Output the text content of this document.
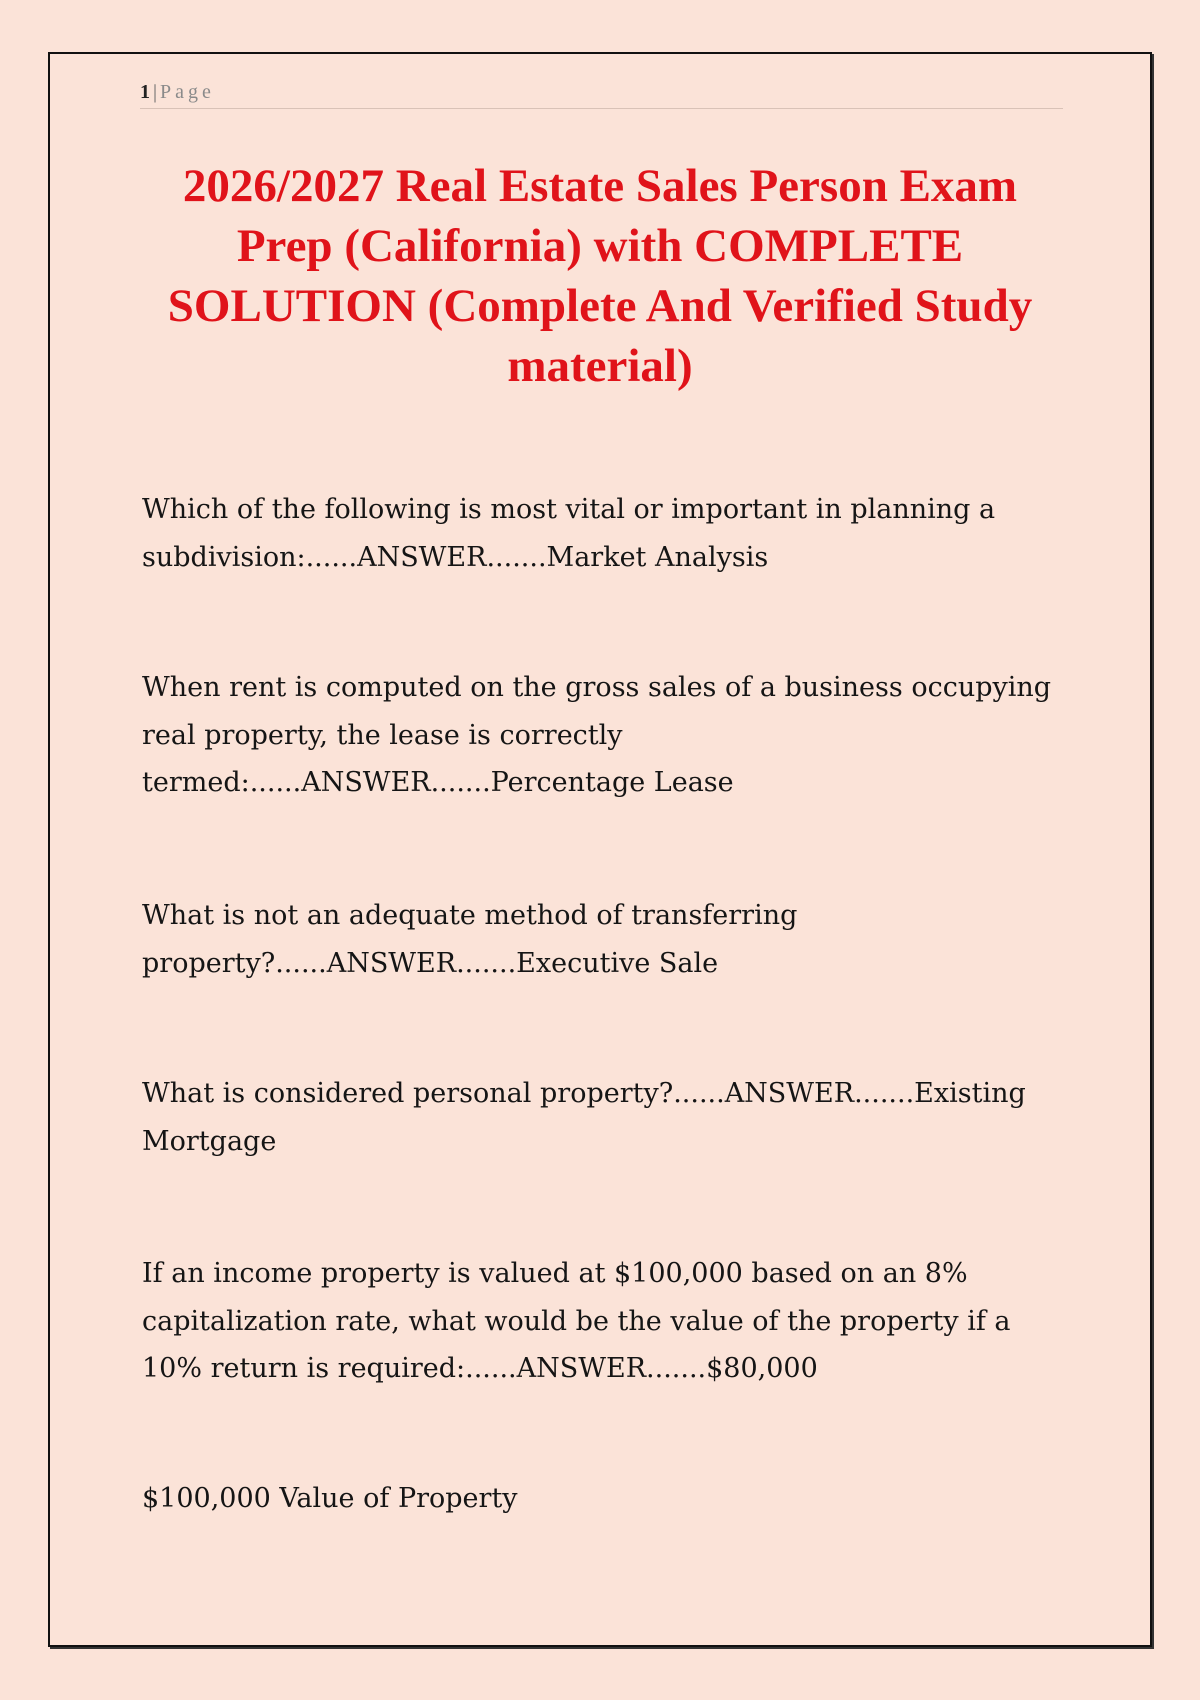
1 | Page
2026/2027 Real Estate Sales Person Exam Prep (California) with COMPLETE SOLUTION (Complete And Verified Study material)

Which of the following is most vital or important in planning a subdivision:......ANSWER.......Market Analysis

When rent is computed on the gross sales of a business occupying real property, the lease is correctly termed:......ANSWER.......Percentage Lease

What is not an adequate method of transferring property?......ANSWER.......Executive Sale

What is considered personal property?......ANSWER.......Existing Mortgage

If an income property is valued at $100,000 based on an 8% capitalization rate, what would be the value of the property if a 10% return is required:......ANSWER.......$80,000

$100,000 Value of Property
